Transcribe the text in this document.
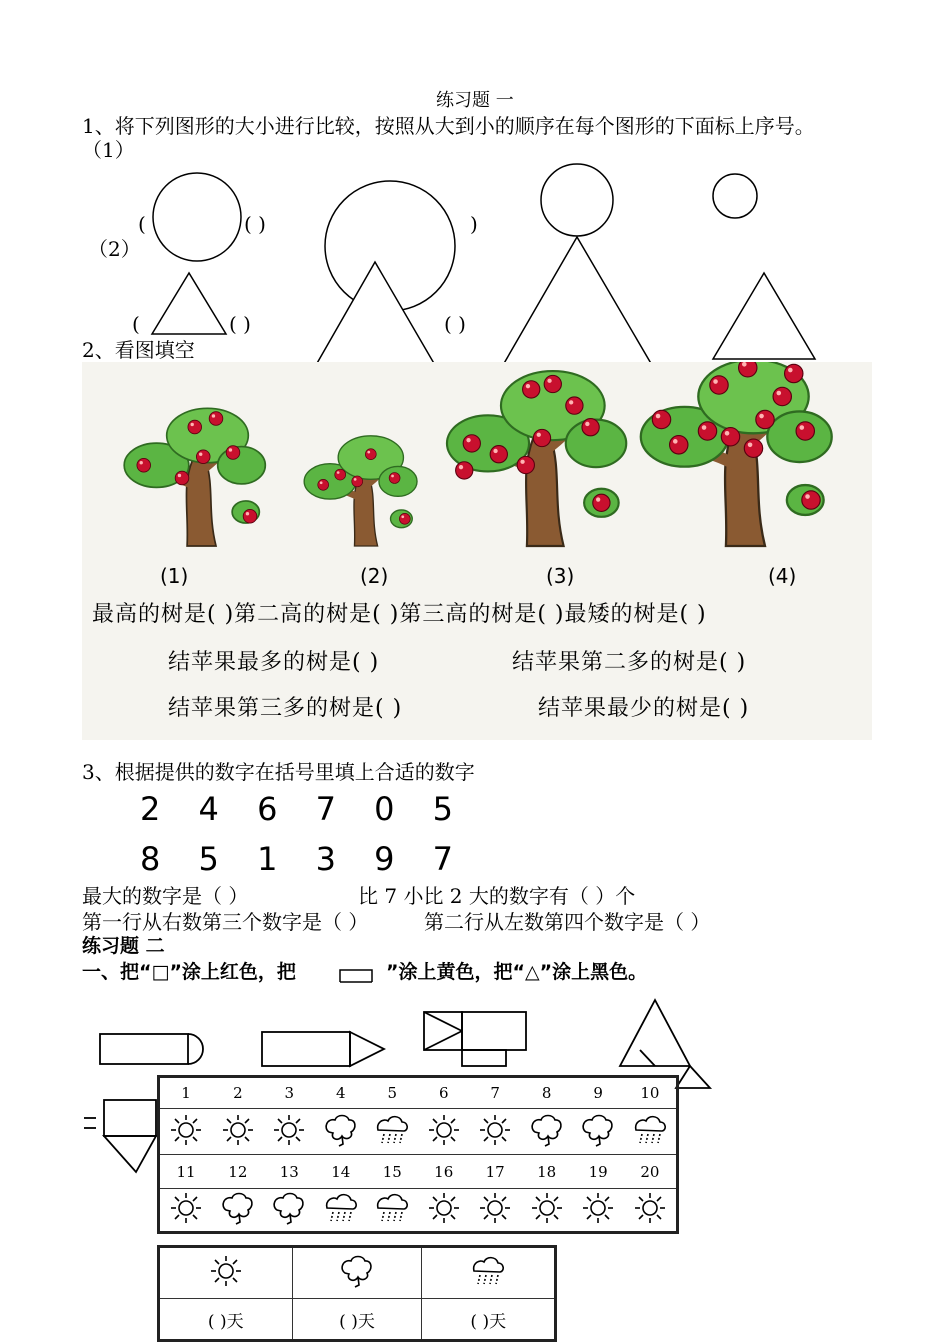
练习题 一
1、将下列图形的大小进行比较，按照从大到小的顺序在每个图形的下面标上序号。
（1）
（2）
(	( )	)
(	( )	( )
2、看图填空
(1)	(2)	(3)	(4)
最高的树是( )第二高的树是( )第三高的树是( )最矮的树是( )
结苹果最多的树是( )	结苹果第二多的树是( )
结苹果第三多的树是( )	结苹果最少的树是( )
3、根据提供的数字在括号里填上合适的数字
2 4 6 7 0 5
8 5 1 3 9 7
最大的数字是（ ）	比 7 小比 2 大的数字有（ ）个
第一行从右数第三个数字是（ ）	第二行从左数第四个数字是（ ）
练习题 二
一、把“□”涂上红色，把	”涂上黄色，把“△”涂上黑色。
1	2	3	4	5	6	7	8	9	10

11	12	13	14	15	16	17	18	19	20

( )天	( )天	( )天
